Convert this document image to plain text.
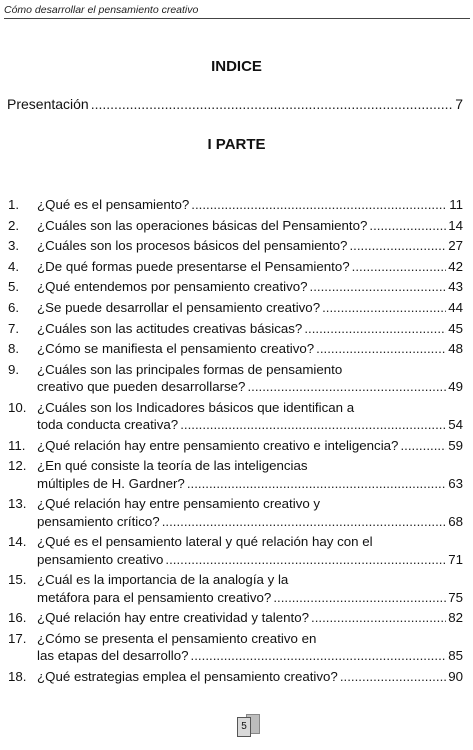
Cómo desarrollar el pensamiento creativo
INDICE
Presentación .....	7
I PARTE
1.	¿Qué es el pensamiento? .....	11
2.	¿Cuáles son las operaciones básicas del Pensamiento? .....	14
3.	¿Cuáles son los procesos básicos del pensamiento? .....	27
4.	¿De qué formas puede presentarse el Pensamiento? .....	42
5.	¿Qué entendemos por pensamiento creativo? .....	43
6.	¿Se puede desarrollar el pensamiento creativo? .....	44
7.	¿Cuáles son las actitudes creativas básicas? .....	45
8.	¿Cómo se manifiesta el pensamiento creativo? .....	48
9.	¿Cuáles son las principales formas de pensamiento
creativo que pueden desarrollarse? .....	49
10. ¿Cuáles son los Indicadores básicos que identifican a
toda conducta creativa? .....	54
11. ¿Qué relación hay entre pensamiento creativo e inteligencia? .....	59
12. ¿En qué consiste la teoría de las inteligencias
múltiples de H. Gardner? .....	63
13. ¿Qué relación hay entre pensamiento creativo y
pensamiento crítico? .....	68
14. ¿Qué es el pensamiento lateral y qué relación hay con el
pensamiento creativo .....	71
15. ¿Cuál es la importancia de la analogía y la
metáfora para el pensamiento creativo? .....	75
16. ¿Qué relación hay entre creatividad y talento? .....	82
17. ¿Cómo se presenta el pensamiento creativo en
las etapas del desarrollo? .....	85
18. ¿Qué estrategias emplea el pensamiento creativo? .....	90
5
